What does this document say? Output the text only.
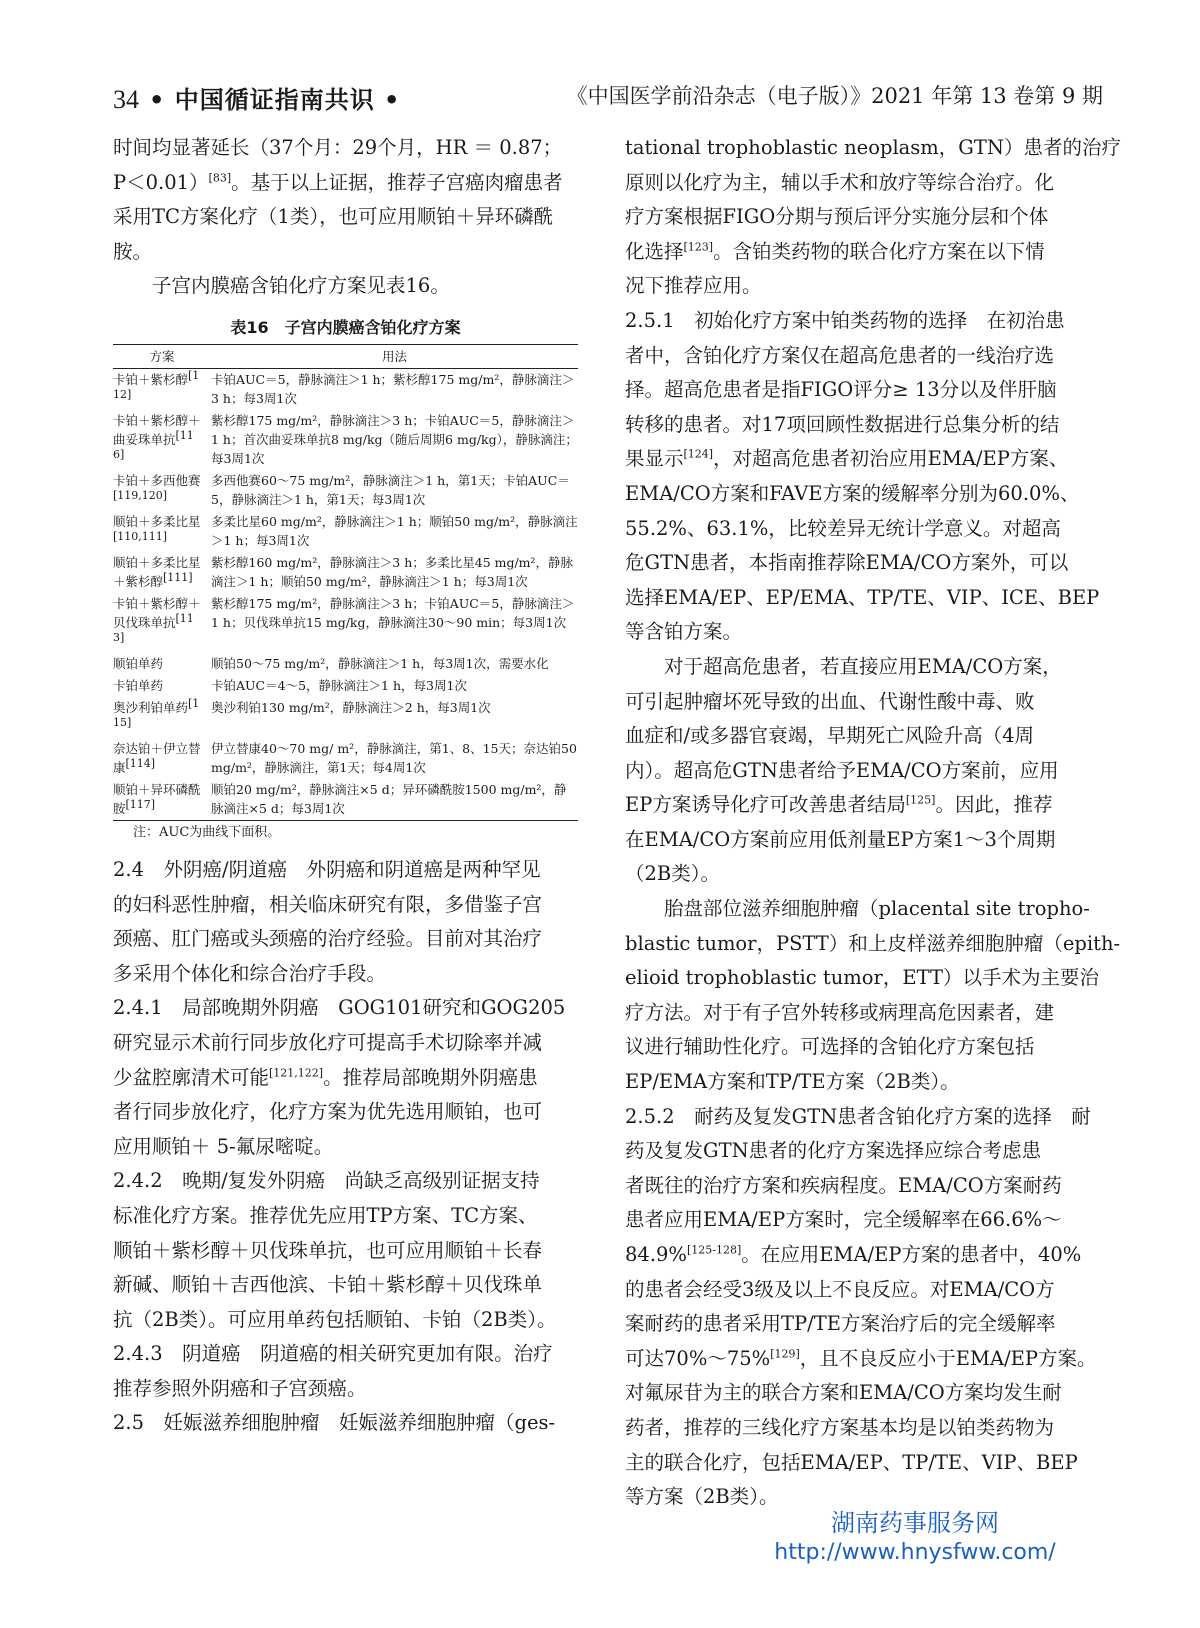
34 • 中国循证指南共识 •	《中国医学前沿杂志（电子版）》2021 年第 13 卷第 9 期

时间均显著延长（37个月：29个月，HR ＝ 0.87；

P＜0.01）[83]。基于以上证据，推荐子宫癌肉瘤患者

采用TC方案化疗（1类），也可应用顺铂＋异环磷酰

胺。

子宫内膜癌含铂化疗方案见表16。

表16　子宫内膜癌含铂化疗方案
方案	用法
卡铂＋紫杉醇[112]	卡铂AUC＝5，静脉滴注＞1 h；紫杉醇175 mg/m²，静脉滴注＞3 h；每3周1次
卡铂＋紫杉醇＋曲妥珠单抗[116]	紫杉醇175 mg/m²，静脉滴注＞3 h；卡铂AUC＝5，静脉滴注＞1 h；首次曲妥珠单抗8 mg/kg（随后周期6 mg/kg），静脉滴注；每3周1次
卡铂＋多西他赛[119,120]	多西他赛60～75 mg/m²，静脉滴注＞1 h，第1天；卡铂AUC＝5，静脉滴注＞1 h，第1天；每3周1次
顺铂＋多柔比星[110,111]	多柔比星60 mg/m²，静脉滴注＞1 h；顺铂50 mg/m²，静脉滴注＞1 h；每3周1次
顺铂＋多柔比星＋紫杉醇[111]	紫杉醇160 mg/m²，静脉滴注＞3 h；多柔比星45 mg/m²，静脉滴注＞1 h；顺铂50 mg/m²，静脉滴注＞1 h；每3周1次
卡铂＋紫杉醇＋贝伐珠单抗[113]	紫杉醇175 mg/m²，静脉滴注＞3 h；卡铂AUC＝5，静脉滴注＞1 h；贝伐珠单抗15 mg/kg，静脉滴注30～90 min；每3周1次
顺铂单药	顺铂50～75 mg/m²，静脉滴注＞1 h，每3周1次，需要水化
卡铂单药	卡铂AUC＝4～5，静脉滴注＞1 h，每3周1次
奥沙利铂单药[115]	奥沙利铂130 mg/m²，静脉滴注＞2 h，每3周1次
奈达铂＋伊立替康[114]	伊立替康40～70 mg/ m²，静脉滴注，第1、8、15天；奈达铂50 mg/m²，静脉滴注，第1天；每4周1次
顺铂＋异环磷酰胺[117]	顺铂20 mg/m²，静脉滴注×5 d；异环磷酰胺1500 mg/m²，静脉滴注×5 d；每3周1次
注：AUC为曲线下面积。

2.4　外阴癌/阴道癌　外阴癌和阴道癌是两种罕见

的妇科恶性肿瘤，相关临床研究有限，多借鉴子宫

颈癌、肛门癌或头颈癌的治疗经验。目前对其治疗

多采用个体化和综合治疗手段。

2.4.1　局部晚期外阴癌　GOG101研究和GOG205

研究显示术前行同步放化疗可提高手术切除率并减

少盆腔廓清术可能[121,122]。推荐局部晚期外阴癌患

者行同步放化疗，化疗方案为优先选用顺铂，也可

应用顺铂＋ 5-氟尿嘧啶。

2.4.2　晚期/复发外阴癌　尚缺乏高级别证据支持

标准化疗方案。推荐优先应用TP方案、TC方案、

顺铂＋紫杉醇＋贝伐珠单抗，也可应用顺铂＋长春

新碱、顺铂＋吉西他滨、卡铂＋紫杉醇＋贝伐珠单

抗（2B类）。可应用单药包括顺铂、卡铂（2B类）。

2.4.3　阴道癌　阴道癌的相关研究更加有限。治疗

推荐参照外阴癌和子宫颈癌。

2.5　妊娠滋养细胞肿瘤　妊娠滋养细胞肿瘤（ges-

tational trophoblastic neoplasm，GTN）患者的治疗

原则以化疗为主，辅以手术和放疗等综合治疗。化

疗方案根据FIGO分期与预后评分实施分层和个体

化选择[123]。含铂类药物的联合化疗方案在以下情

况下推荐应用。

2.5.1　初始化疗方案中铂类药物的选择　在初治患

者中，含铂化疗方案仅在超高危患者的一线治疗选

择。超高危患者是指FIGO评分≥ 13分以及伴肝脑

转移的患者。对17项回顾性数据进行总集分析的结

果显示[124]，对超高危患者初治应用EMA/EP方案、

EMA/CO方案和FAVE方案的缓解率分别为60.0%、

55.2%、63.1%，比较差异无统计学意义。对超高

危GTN患者，本指南推荐除EMA/CO方案外，可以

选择EMA/EP、EP/EMA、TP/TE、VIP、ICE、BEP

等含铂方案。

对于超高危患者，若直接应用EMA/CO方案，

可引起肿瘤坏死导致的出血、代谢性酸中毒、败

血症和/或多器官衰竭，早期死亡风险升高（4周

内）。超高危GTN患者给予EMA/CO方案前，应用

EP方案诱导化疗可改善患者结局[125]。因此，推荐

在EMA/CO方案前应用低剂量EP方案1～3个周期

（2B类）。

胎盘部位滋养细胞肿瘤（placental site tropho-

blastic tumor，PSTT）和上皮样滋养细胞肿瘤（epith-

elioid trophoblastic tumor，ETT）以手术为主要治

疗方法。对于有子宫外转移或病理高危因素者，建

议进行辅助性化疗。可选择的含铂化疗方案包括

EP/EMA方案和TP/TE方案（2B类）。

2.5.2　耐药及复发GTN患者含铂化疗方案的选择　耐

药及复发GTN患者的化疗方案选择应综合考虑患

者既往的治疗方案和疾病程度。EMA/CO方案耐药

患者应用EMA/EP方案时，完全缓解率在66.6%～

84.9%[125-128]。在应用EMA/EP方案的患者中，40%

的患者会经受3级及以上不良反应。对EMA/CO方

案耐药的患者采用TP/TE方案治疗后的完全缓解率

可达70%～75%[129]，且不良反应小于EMA/EP方案。

对氟尿苷为主的联合方案和EMA/CO方案均发生耐

药者，推荐的三线化疗方案基本均是以铂类药物为

主的联合化疗，包括EMA/EP、TP/TE、VIP、BEP

等方案（2B类）。

湖南药事服务网
http://www.hnysfww.com/
